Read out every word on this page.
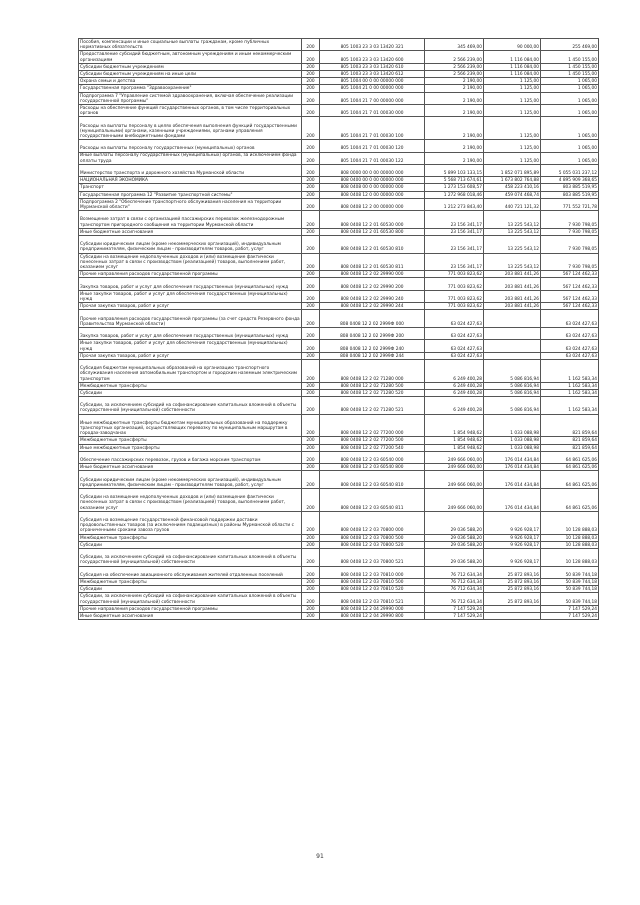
Пособия, компенсации и иные социальные выплаты гражданам, кроме публичных нормативных обязательств	200	805 1003 23 3 03 13420 321	345 469,00	90 000,00	255 469,00
Предоставление субсидий бюджетным, автономным учреждениям и иным некоммерческим организациям	200	805 1003 23 3 03 13420 600	2 566 239,00	1 116 084,00	1 450 155,00
Субсидии бюджетным учреждениям	200	805 1003 23 3 03 13420 610	2 566 239,00	1 116 084,00	1 450 155,00
Субсидии бюджетным учреждениям на иные цели	200	805 1003 23 3 03 13420 612	2 566 239,00	1 116 084,00	1 450 155,00
Охрана семьи и детства	200	805 1004 00 0 00 00000 000	2 190,00	1 125,00	1 065,00
Государственная программа "Здравоохранение"	200	805 1004 21 0 00 00000 000	2 190,00	1 125,00	1 065,00
Подпрограмма 7 "Управление системой здравоохранения, включая обеспечение реализации государственной программы"	200	805 1004 21 7 00 00000 000	2 190,00	1 125,00	1 065,00
Расходы на обеспечение функций государственных органов, в том числе территориальных органов	200	805 1004 21 7 01 00030 000	2 190,00	1 125,00	1 065,00
Расходы на выплаты персоналу в целях обеспечения выполнения функций государственными (муниципальными) органами, казенными учреждениями, органами управления государственными внебюджетными фондами	200	805 1004 21 7 01 00030 100	2 190,00	1 125,00	1 065,00
Расходы на выплаты персоналу государственных (муниципальных) органов	200	805 1004 21 7 01 00030 120	2 190,00	1 125,00	1 065,00
Иные выплаты персоналу государственных (муниципальных) органов, за исключением фонда оплаты труда	200	805 1004 21 7 01 00030 122	2 190,00	1 125,00	1 065,00
Министерство транспорта и дорожного хозяйства Мурманской области	200	808 0000 00 0 00 00000 000	5 899 103 133,15	1 852 071 895,89	5 055 031 237,12
НАЦИОНАЛЬНАЯ ЭКОНОМИКА	200	808 0400 00 0 00 00000 000	5 568 713 674,61	1 673 802 764,88	4 895 909 368,65
Транспорт	200	808 0408 00 0 00 00000 000	1 273 153 608,57	458 223 410,16	803 885 519,95
Государственная программа 12 "Развитие транспортной системы"	200	808 0408 12 0 00 00000 000	1 272 968 018,46	459 074 468,74	803 885 519,95
Подпрограмма 2 "Обеспечение транспортного обслуживания населения на территории Мурманской области"	200	808 0408 12 2 00 00000 000	1 212 273 843,40	440 721 121,32	771 552 721,78
Возмещение затрат в связи с организацией пассажирских перевозок железнодорожным транспортом пригородного сообщения на территории Мурманской области	200	808 0408 12 2 01 60530 000	23 156 341,17	13 225 543,12	7 930 798,05
Иные бюджетные ассигнования	200	808 0408 12 2 01 60530 800	23 156 341,17	13 225 543,12	7 930 798,05
Субсидии юридическим лицам (кроме некоммерческих организаций), индивидуальным предпринимателям, физическим лицам - производителям товаров, работ, услуг	200	808 0408 12 2 01 60530 810	23 156 341,17	13 225 543,12	7 930 798,05
Субсидии на возмещение недополученных доходов и (или) возмещение фактически понесенных затрат в связи с производством (реализацией) товаров, выполнением работ, оказанием услуг	200	808 0408 12 2 01 60530 811	23 156 341,17	13 225 543,12	7 930 798,05
Прочие направления расходов государственной программы	200	808 0408 12 2 02 29990 000	771 003 823,62	203 881 441,26	567 124 462,33
Закупка товаров, работ и услуг для обеспечения государственных (муниципальных) нужд	200	808 0408 12 2 02 29990 200	771 003 823,62	203 881 441,26	567 124 462,33
Иные закупки товаров, работ и услуг для обеспечения государственных (муниципальных) нужд	200	808 0408 12 2 02 29990 240	771 003 823,62	203 881 441,26	567 124 462,33
Прочая закупка товаров, работ и услуг	200	808 0408 12 2 02 29990 244	771 003 823,62	203 881 441,26	567 124 462,33
Прочие направления расходов государственной программы (за счет средств Резервного фонда Правительства Мурманской области)	200	808 0408 12 2 02 2999Ф 000	63 024 427,63		63 024 427,63
Закупка товаров, работ и услуг для обеспечения государственных (муниципальных) нужд	200	808 0408 12 2 02 2999Ф 200	63 024 427,63		63 024 427,63
Иные закупки товаров, работ и услуг для обеспечения государственных (муниципальных) нужд	200	808 0408 12 2 02 2999Ф 240	63 024 427,63		63 024 427,63
Прочая закупка товаров, работ и услуг	200	808 0408 12 2 02 2999Ф 244	63 024 427,63		63 024 427,63
Субсидия бюджетам муниципальных образований на организацию транспортного обслуживания населения автомобильным транспортом и городским наземным электрическим транспортом	200	808 0408 12 2 02 71280 000	6 249 400,28	5 086 816,94	1 162 583,34
Межбюджетные трансферты	200	808 0408 12 2 02 71280 500	6 249 400,28	5 086 816,94	1 162 583,34
Субсидии	200	808 0408 12 2 02 71280 520	6 249 400,28	5 086 816,94	1 162 583,34
Субсидии, за исключением субсидий на софинансирование капитальных вложений в объекты государственной (муниципальной) собственности	200	808 0408 12 2 02 71280 521	6 249 400,28	5 086 816,94	1 162 583,34
Иные межбюджетные трансферты бюджетам муниципальных образований на поддержку транспортных организаций, осуществляющих перевозку по муниципальным маршрутам в городах-заводчанах	200	808 0408 12 2 02 77200 000	1 854 948,62	1 033 088,98	821 859,64
Межбюджетные трансферты	200	808 0408 12 2 02 77200 500	1 854 948,62	1 033 088,98	821 859,64
Иные межбюджетные трансферты	200	808 0408 12 2 02 77200 540	1 854 948,62	1 033 088,98	821 859,64
Обеспечение пассажирских перевозок, грузов и багажа морским транспортом	200	808 0408 12 2 03 60540 000	249 666 060,00	176 014 434,84	64 861 625,06
Иные бюджетные ассигнования	200	808 0408 12 2 03 60540 800	249 666 060,00	176 014 434,84	64 861 625,06
Субсидии юридическим лицам (кроме некоммерческих организаций), индивидуальным предпринимателям, физическим лицам - производителям товаров, работ, услуг	200	808 0408 12 2 03 60540 810	249 666 060,00	176 014 434,84	64 861 625,06
Субсидии на возмещение недополученных доходов и (или) возмещение фактически понесенных затрат в связи с производством (реализацией) товаров, выполнением работ, оказанием услуг	200	808 0408 12 2 03 60540 811	249 666 060,00	176 014 434,84	64 861 625,06
Субсидия на возмещение государственной финансовой поддержки доставки продовольственных товаров (за исключением подакцизных) в районы Мурманской области с ограниченными сроками завоза грузов	200	808 0408 12 2 03 70800 000	29 036 588,20	9 926 928,17	10 128 888,03
Межбюджетные трансферты	200	808 0408 12 2 03 70800 500	29 036 588,20	9 926 928,17	10 128 888,03
Субсидии	200	808 0408 12 2 03 70800 520	29 036 588,20	9 926 928,17	10 128 888,03
Субсидии, за исключением субсидий на софинансирование капитальных вложений в объекты государственной (муниципальной) собственности	200	808 0408 12 2 03 70800 521	29 036 588,20	9 926 928,17	10 128 888,03
Субсидия на обеспечение авиационного обслуживания жителей отдаленных поселений	200	808 0408 12 2 03 70810 000	76 712 634,34	25 872 893,16	50 839 744,18
Межбюджетные трансферты	200	808 0408 12 2 03 70810 500	76 712 634,34	25 872 893,16	50 839 744,18
Субсидии	200	808 0408 12 2 03 70810 520	76 712 634,34	25 872 893,16	50 839 744,18
Субсидии, за исключением субсидий на софинансирование капитальных вложений в объекты государственной (муниципальной) собственности	200	808 0408 12 2 03 70810 521	76 712 634,34	25 872 893,16	50 839 744,18
Прочие направления расходов государственной программы	200	808 0408 12 2 04 29990 000	7 147 529,24		7 147 529,24
Иные бюджетные ассигнования	200	808 0408 12 2 04 29990 800	7 147 529,24		7 147 529,24
91
